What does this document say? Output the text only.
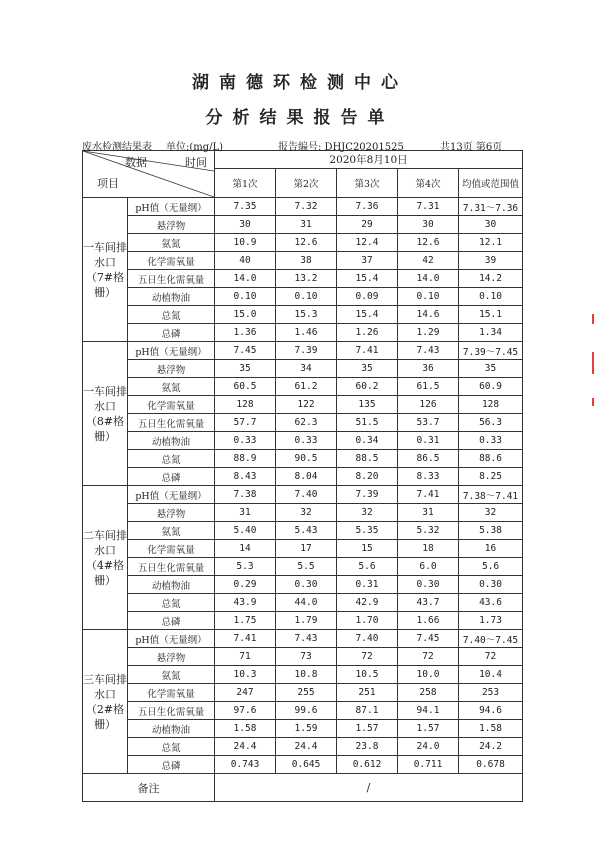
湖南德环检测中心
分析结果报告单
废水检测结果表 单位:(mg/L)	报告编号: DHJC20201525	共13页 第6页
数据 时间
项目		2020年8月10日				
		第1次	第2次	第3次	第4次	均值或范围值
一车间排水口（7#格栅）	pH值（无量纲）	7.35	7.32	7.36	7.31	7.31～7.36
	悬浮物	30	31	29	30	30
	氨氮	10.9	12.6	12.4	12.6	12.1
	化学需氧量	40	38	37	42	39
	五日生化需氧量	14.0	13.2	15.4	14.0	14.2
	动植物油	0.10	0.10	0.09	0.10	0.10
	总氮	15.0	15.3	15.4	14.6	15.1
	总磷	1.36	1.46	1.26	1.29	1.34
一车间排水口（8#格栅）	pH值（无量纲）	7.45	7.39	7.41	7.43	7.39～7.45
	悬浮物	35	34	35	36	35
	氨氮	60.5	61.2	60.2	61.5	60.9
	化学需氧量	128	122	135	126	128
	五日生化需氧量	57.7	62.3	51.5	53.7	56.3
	动植物油	0.33	0.33	0.34	0.31	0.33
	总氮	88.9	90.5	88.5	86.5	88.6
	总磷	8.43	8.04	8.20	8.33	8.25
二车间排水口（4#格栅）	pH值（无量纲）	7.38	7.40	7.39	7.41	7.38～7.41
	悬浮物	31	32	32	31	32
	氨氮	5.40	5.43	5.35	5.32	5.38
	化学需氧量	14	17	15	18	16
	五日生化需氧量	5.3	5.5	5.6	6.0	5.6
	动植物油	0.29	0.30	0.31	0.30	0.30
	总氮	43.9	44.0	42.9	43.7	43.6
	总磷	1.75	1.79	1.70	1.66	1.73
三车间排水口（2#格栅）	pH值（无量纲）	7.41	7.43	7.40	7.45	7.40～7.45
	悬浮物	71	73	72	72	72
	氨氮	10.3	10.8	10.5	10.0	10.4
	化学需氧量	247	255	251	258	253
	五日生化需氧量	97.6	99.6	87.1	94.1	94.6
	动植物油	1.58	1.59	1.57	1.57	1.58
	总氮	24.4	24.4	23.8	24.0	24.2
	总磷	0.743	0.645	0.612	0.711	0.678
备注		/				
